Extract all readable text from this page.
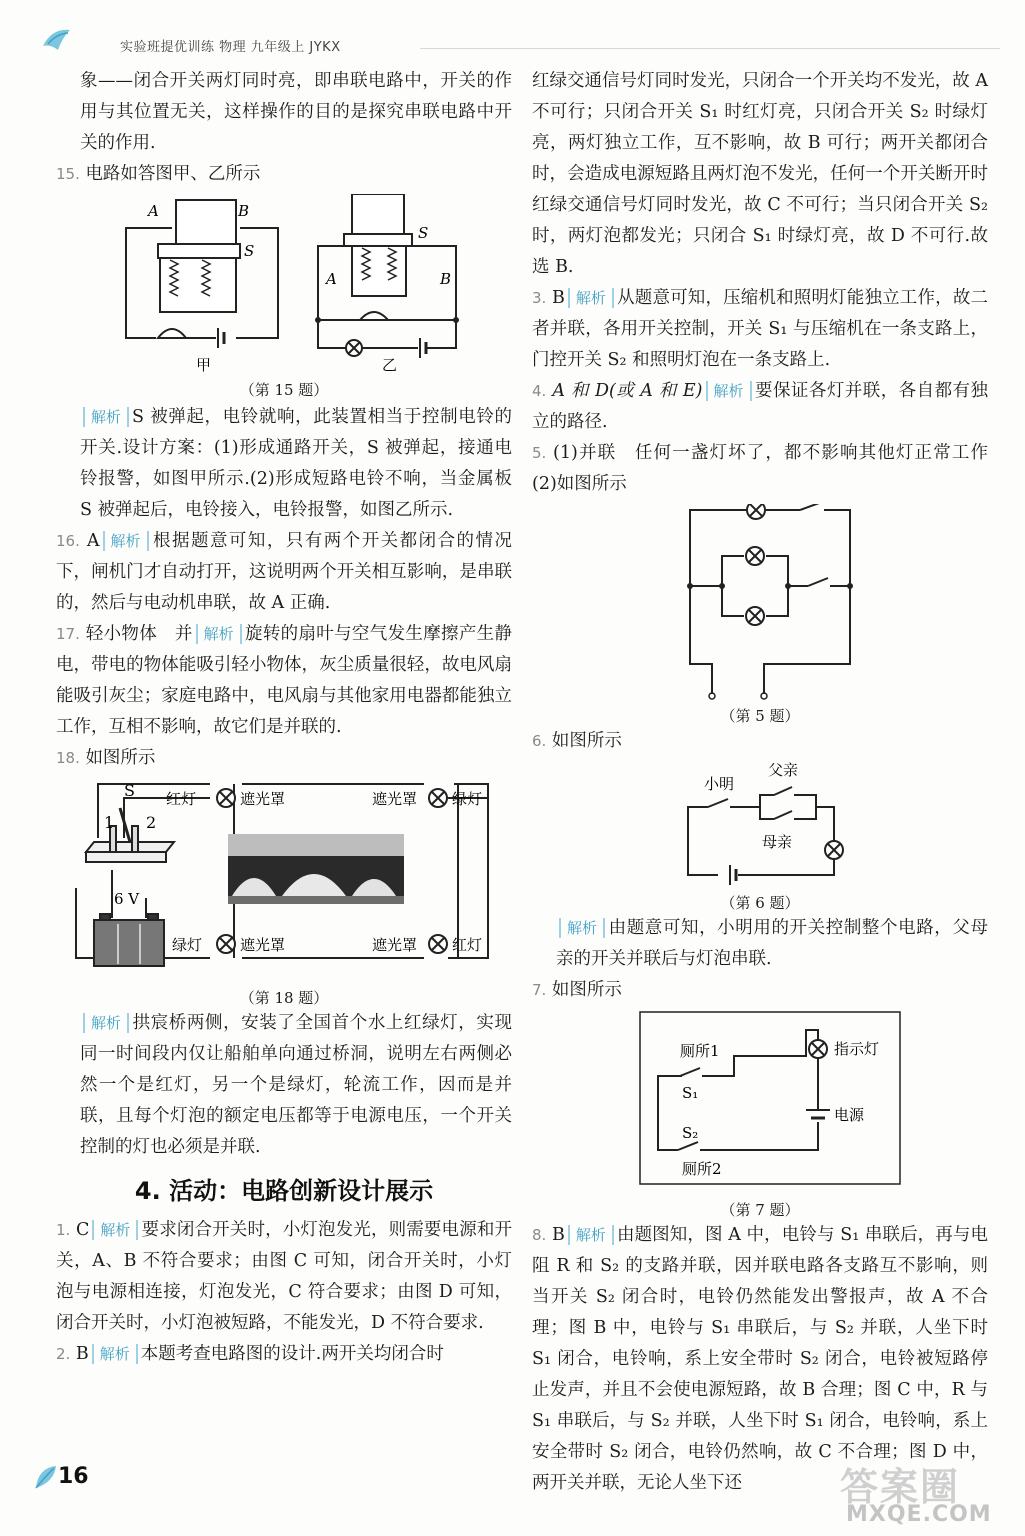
实验班提优训练 物理 九年级上 JYKX

象——闭合开关两灯同时亮，即串联电路中，开关的作用与其位置无关，这样操作的目的是探究串联电路中开关的作用.

15. 电路如答图甲、乙所示

A	B
S
A	B
S
甲	乙
（第 15 题）

解析 S 被弹起，电铃就响，此装置相当于控制电铃的开关.设计方案：(1)形成通路开关，S 被弹起，接通电铃报警，如图甲所示.(2)形成短路电铃不响，当金属板 S 被弹起后，电铃接入，电铃报警，如图乙所示.

16. A 解析 根据题意可知，只有两个开关都闭合的情况下，闸机门才自动打开，这说明两个开关相互影响，是串联的，然后与电动机串联，故 A 正确.

17. 轻小物体　并 解析 旋转的扇叶与空气发生摩擦产生静电，带电的物体能吸引轻小物体，灰尘质量很轻，故电风扇能吸引灰尘；家庭电路中，电风扇与其他家用电器都能独立工作，互相不影响，故它们是并联的.

18. 如图所示

S
1 2
6 V
红灯	遮光罩	遮光罩 绿灯
绿灯	遮光罩	遮光罩 红灯
（第 18 题）

解析 拱宸桥两侧，安装了全国首个水上红绿灯，实现同一时间段内仅让船舶单向通过桥洞，说明左右两侧必然一个是红灯，另一个是绿灯，轮流工作，因而是并联，且每个灯泡的额定电压都等于电源电压，一个开关控制的灯也必须是并联.

4. 活动：电路创新设计展示

1. C 解析 要求闭合开关时，小灯泡发光，则需要电源和开关，A、B 不符合要求；由图 C 可知，闭合开关时，小灯泡与电源相连接，灯泡发光，C 符合要求；由图 D 可知，闭合开关时，小灯泡被短路，不能发光，D 不符合要求.

2. B 解析 本题考查电路图的设计.两开关均闭合时

红绿交通信号灯同时发光，只闭合一个开关均不发光，故 A 不可行；只闭合开关 S₁ 时红灯亮，只闭合开关 S₂ 时绿灯亮，两灯独立工作，互不影响，故 B 可行；两开关都闭合时，会造成电源短路且两灯泡不发光，任何一个开关断开时红绿交通信号灯同时发光，故 C 不可行；当只闭合开关 S₂ 时，两灯泡都发光；只闭合 S₁ 时绿灯亮，故 D 不可行.故选 B.

3. B 解析 从题意可知，压缩机和照明灯能独立工作，故二者并联，各用开关控制，开关 S₁ 与压缩机在一条支路上，门控开关 S₂ 和照明灯泡在一条支路上.

4. A 和 D(或 A 和 E) 解析 要保证各灯并联，各自都有独立的路径.

5. (1)并联　任何一盏灯坏了，都不影响其他灯正常工作　(2)如图所示

（第 5 题）

6. 如图所示

小明
父亲
母亲
（第 6 题）

解析 由题意可知，小明用的开关控制整个电路，父母亲的开关并联后与灯泡串联.

7. 如图所示

厕所1
S₁
S₂
厕所2
指示灯
电源
（第 7 题）

8. B 解析 由题图知，图 A 中，电铃与 S₁ 串联后，再与电阻 R 和 S₂ 的支路并联，因并联电路各支路互不影响，则当开关 S₂ 闭合时，电铃仍然能发出警报声，故 A 不合理；图 B 中，电铃与 S₁ 串联后，与 S₂ 并联，人坐下时 S₁ 闭合，电铃响，系上安全带时 S₂ 闭合，电铃被短路停止发声，并且不会使电源短路，故 B 合理；图 C 中，R 与 S₁ 串联后，与 S₂ 并联，人坐下时 S₁ 闭合，电铃响，系上安全带时 S₂ 闭合，电铃仍然响，故 C 不合理；图 D 中，两开关并联，无论人坐下还

16	答案圈
MXQE.COM
